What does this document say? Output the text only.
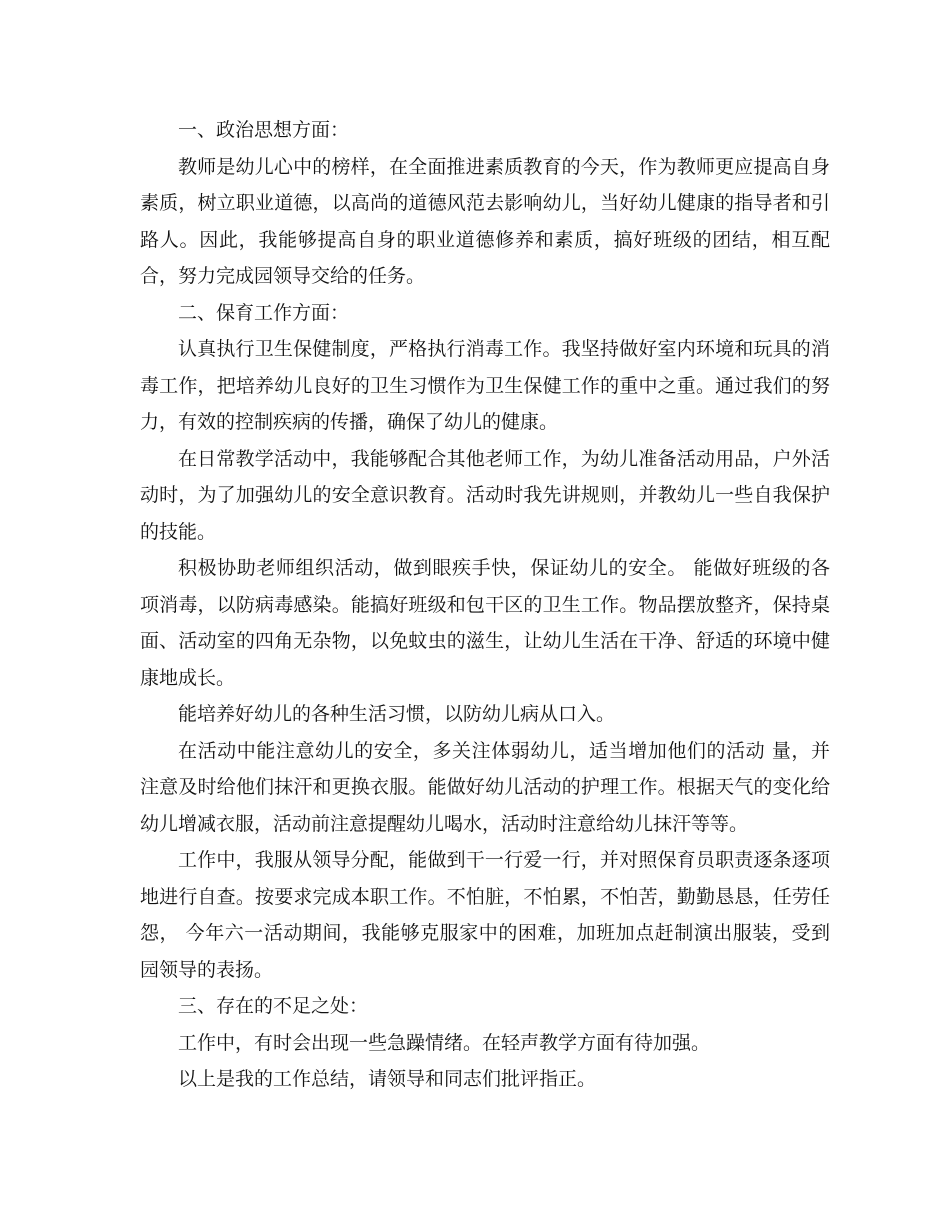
一、政治思想方面：

教师是幼儿心中的榜样，在全面推进素质教育的今天，作为教师更应提高自身素质，树立职业道德，以高尚的道德风范去影响幼儿，当好幼儿健康的指导者和引路人。因此，我能够提高自身的职业道德修养和素质，搞好班级的团结，相互配合，努力完成园领导交给的任务。

二、保育工作方面：

认真执行卫生保健制度，严格执行消毒工作。我坚持做好室内环境和玩具的消毒工作，把培养幼儿良好的卫生习惯作为卫生保健工作的重中之重。通过我们的努力，有效的控制疾病的传播，确保了幼儿的健康。

在日常教学活动中，我能够配合其他老师工作，为幼儿准备活动用品，户外活动时，为了加强幼儿的安全意识教育。活动时我先讲规则，并教幼儿一些自我保护的技能。

积极协助老师组织活动，做到眼疾手快，保证幼儿的安全。 能做好班级的各项消毒，以防病毒感染。能搞好班级和包干区的卫生工作。物品摆放整齐，保持桌面、活动室的四角无杂物，以免蚊虫的滋生，让幼儿生活在干净、舒适的环境中健康地成长。

能培养好幼儿的各种生活习惯，以防幼儿病从口入。

在活动中能注意幼儿的安全，多关注体弱幼儿，适当增加他们的活动 量，并注意及时给他们抹汗和更换衣服。能做好幼儿活动的护理工作。根据天气的变化给幼儿增减衣服，活动前注意提醒幼儿喝水，活动时注意给幼儿抹汗等等。

工作中，我服从领导分配，能做到干一行爱一行，并对照保育员职责逐条逐项地进行自查。按要求完成本职工作。不怕脏，不怕累，不怕苦，勤勤恳恳，任劳任怨， 今年六一活动期间，我能够克服家中的困难，加班加点赶制演出服装，受到园领导的表扬。

三、存在的不足之处：

工作中，有时会出现一些急躁情绪。在轻声教学方面有待加强。

以上是我的工作总结，请领导和同志们批评指正。
